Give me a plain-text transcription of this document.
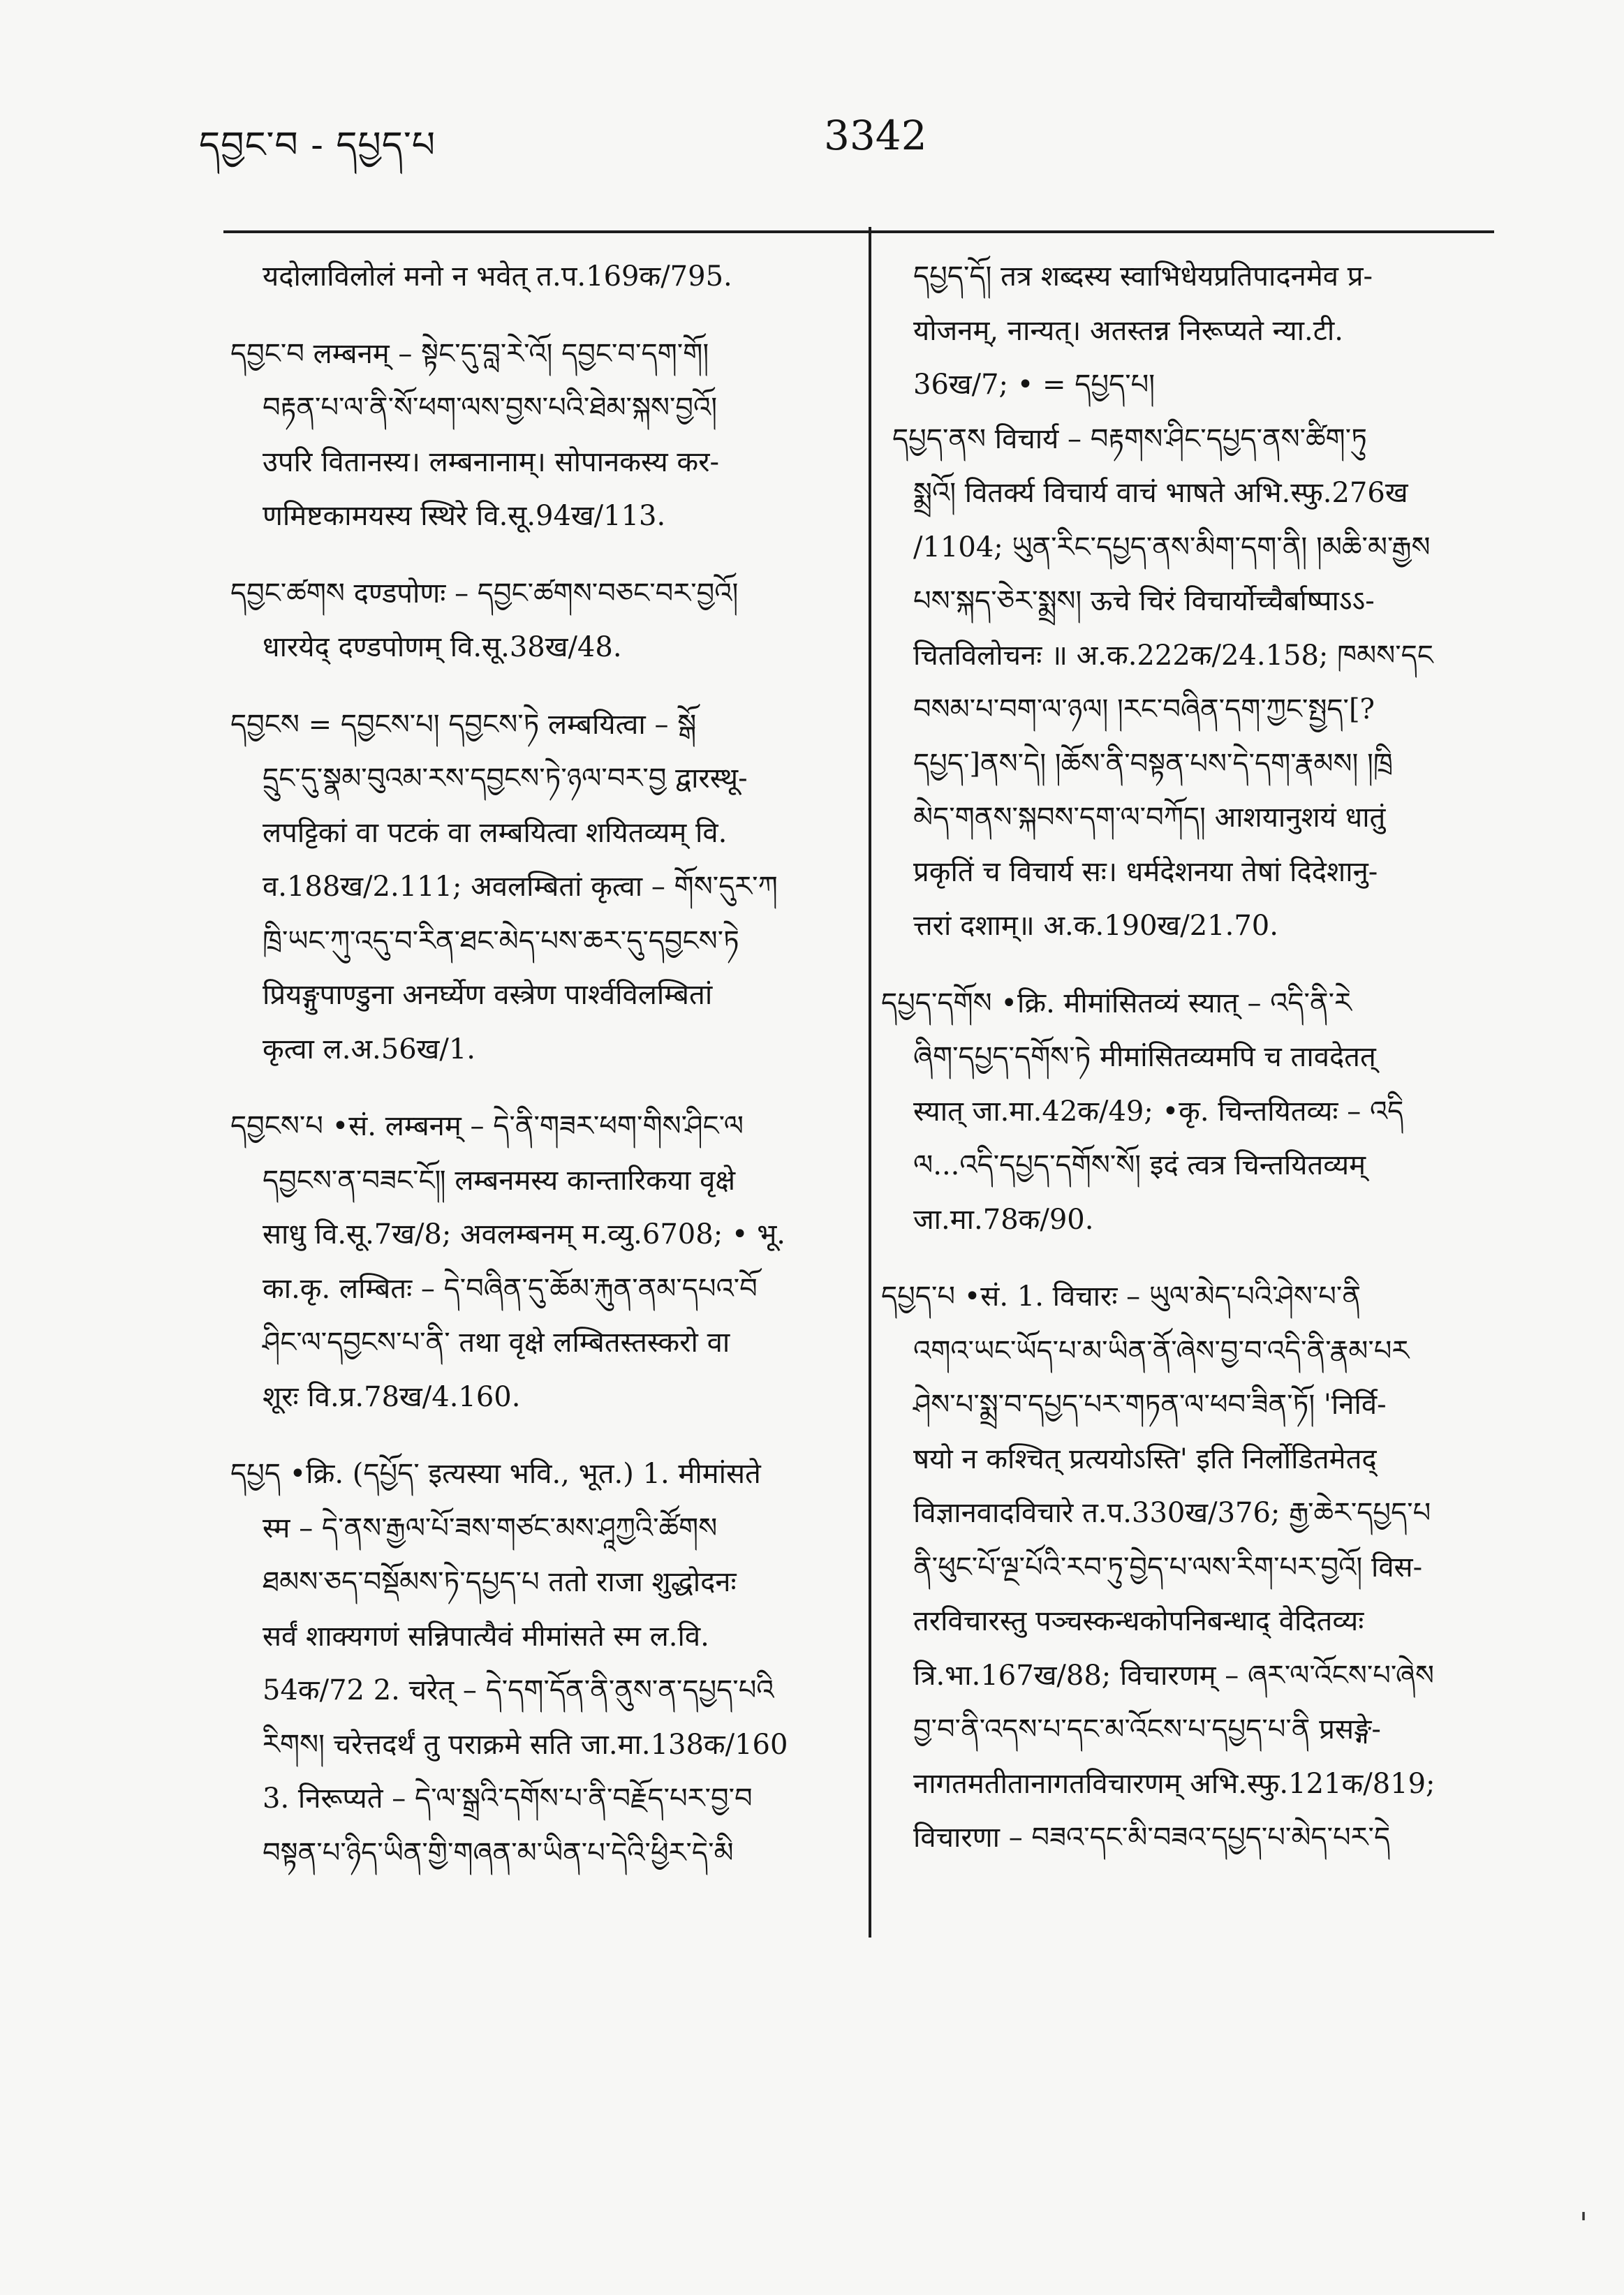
དབྱང་བ - དཔྱད་པ	3342
यदोलाविलोलं मनो न भवेत् त.प.169क/795.
དབྱང་བ लम्बनम् – སྟེང་དུ་བླ་རེ་འོ། དབྱང་བ་དག་གོ།
བརྟན་པ་ལ་ནི་སོ་ཕག་ལས་བྱས་པའི་ཐེམ་སྐས་བྱའོ།
उपरि वितानस्य। लम्बनानाम्। सोपानकस्य कर-
णमिष्टकामयस्य स्थिरे वि.सू.94ख/113.
དབྱང་ཚགས दण्डपोणः – དབྱང་ཚགས་བཅང་བར་བྱའོ།
धारयेद् दण्डपोणम् वि.सू.38ख/48.
དབྱངས = དབྱངས་པ། དབྱངས་ཏེ लम्बयित्वा – སྒོ
དྲུང་དུ་སྣམ་བུའམ་རས་དབྱངས་ཏེ་ཉལ་བར་བྱ द्वारस्थू-
लपट्टिकां वा पटकं वा लम्बयित्वा शयितव्यम् वि.
व.188ख/2.111; अवलम्बितां कृत्वा – གོས་དུར་ཀ
ཁྲི་ཡང་ཀུ་འདུ་བ་རིན་ཐང་མེད་པས་ཆར་དུ་དབྱངས་ཏེ
प्रियङ्गुपाण्डुना अनर्घ्येण वस्त्रेण पार्श्वविलम्बितां
कृत्वा ल.अ.56ख/1.
དབྱངས་པ •सं. लम्बनम् – དེ་ནི་གཟར་ཕག་གིས་ཤིང་ལ
དབྱངས་ན་བཟང་ངོ༎ लम्बनमस्य कान्तारिकया वृक्षे
साधु वि.सू.7ख/8; अवलम्बनम् म.व्यु.6708; • भू.
का.कृ. लम्बितः – དེ་བཞིན་དུ་ཆོམ་རྐུན་ནམ་དཔའ་བོ
ཤིང་ལ་དབྱངས་པ་ནི་ तथा वृक्षे लम्बितस्तस्करो वा
शूरः वि.प्र.78ख/4.160.
དཔྱད •क्रि. (དཔྱོད་ इत्यस्या भवि., भूत.) 1. मीमांसते
स्म – དེ་ནས་རྒྱལ་པོ་ཟས་གཙང་མས་ཤཱཀྱའི་ཚོགས
ཐམས་ཅད་བསྡོམས་ཏེ་དཔྱད་པ ततो राजा शुद्धोदनः
सर्वं शाक्यगणं सन्निपात्यैवं मीमांसते स्म ल.वि.
54क/72 2. चरेत् – དེ་དག་དོན་ནི་ནུས་ན་དཔྱད་པའི
རིགས། चरेत्तदर्थं तु पराक्रमे सति जा.मा.138क/160
3. निरूप्यते – དེ་ལ་སྒྲའི་དགོས་པ་ནི་བརྗོད་པར་བྱ་བ
བསྟན་པ་ཉིད་ཡིན་གྱི་གཞན་མ་ཡིན་པ་དེའི་ཕྱིར་དེ་མི
དཔྱད་དོ། तत्र शब्दस्य स्वाभिधेयप्रतिपादनमेव प्र-
योजनम्, नान्यत्। अतस्तन्न निरूप्यते न्या.टी.
36ख/7; • = དཔྱད་པ།
དཔྱད་ནས विचार्य – བརྟགས་ཤིང་དཔྱད་ནས་ཚིག་ཏུ
སྨྲའོ། वितर्क्य विचार्य वाचं भाषते अभि.स्फु.276ख
/1104; ཡུན་རིང་དཔྱད་ནས་མིག་དག་ནི། །མཆི་མ་རྒྱས
པས་སྐད་ཅེར་སྨྲས། ऊचे चिरं विचार्योच्चैर्बाष्पाऽऽ-
चितविलोचनः ॥ अ.क.222क/24.158; ཁམས་དང
བསམ་པ་བག་ལ་ཉལ། །རང་བཞིན་དག་ཀྱང་སྤྱད་[?
དཔྱད་]ནས་དེ། །ཆོས་ནི་བསྟན་པས་དེ་དག་རྣམས། །ཁྲི
མེད་གནས་སྐབས་དག་ལ་བཀོད། आशयानुशयं धातुं
प्रकृतिं च विचार्य सः। धर्मदेशनया तेषां दिदेशानु-
त्तरां दशाम्॥ अ.क.190ख/21.70.
དཔྱད་དགོས •क्रि. मीमांसितव्यं स्यात् – འདི་ནི་རེ
ཞིག་དཔྱད་དགོས་ཏེ मीमांसितव्यमपि च तावदेतत्
स्यात् जा.मा.42क/49; •कृ. चिन्तयितव्यः – འདི
ལ...འདི་དཔྱད་དགོས་སོ། इदं त्वत्र चिन्तयितव्यम्
जा.मा.78क/90.
དཔྱད་པ •सं. 1. विचारः – ཡུལ་མེད་པའི་ཤེས་པ་ནི
འགའ་ཡང་ཡོད་པ་མ་ཡིན་ནོ་ཞེས་བྱ་བ་འདི་ནི་རྣམ་པར
ཤེས་པ་སྨྲ་བ་དཔྱད་པར་གཏན་ལ་ཕབ་ཟིན་ཏོ། 'निर्वि-
षयो न कश्चित् प्रत्ययोऽस्ति' इति निर्लोडितमेतद्
विज्ञानवादविचारे त.प.330ख/376; རྒྱ་ཆེར་དཔྱད་པ
ནི་ཕུང་པོ་ལྔ་པོའི་རབ་ཏུ་བྱེད་པ་ལས་རིག་པར་བྱའོ། विस-
तरविचारस्तु पञ्चस्कन्धकोपनिबन्धाद् वेदितव्यः
त्रि.भा.167ख/88; विचारणम् – ཞར་ལ་འོངས་པ་ཞེས
བྱ་བ་ནི་འདས་པ་དང་མ་འོངས་པ་དཔྱད་པ་ནི प्रसङ्गे-
नागतमतीतानागतविचारणम् अभि.स्फु.121क/819;
विचारणा – བཟའ་དང་མི་བཟའ་དཔྱད་པ་མེད་པར་དེ
'
